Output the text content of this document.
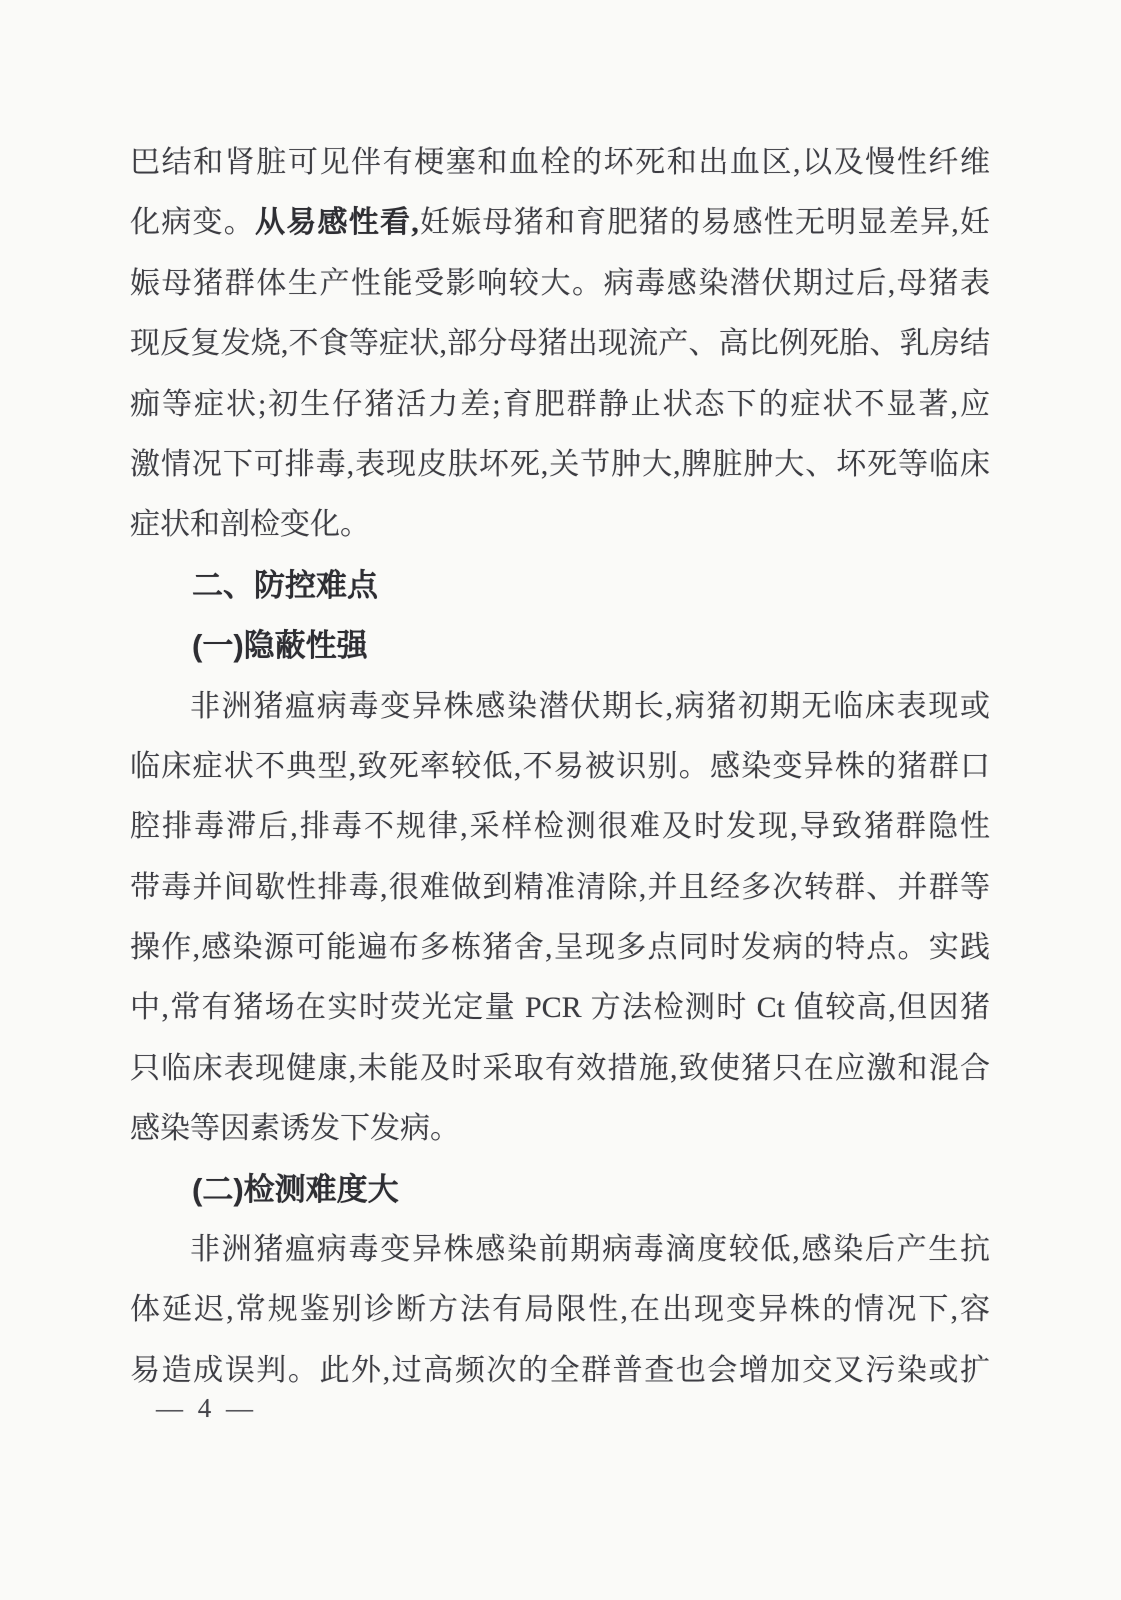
巴结和肾脏可见伴有梗塞和血栓的坏死和出血区,以及慢性纤维
化病变。从易感性看,妊娠母猪和育肥猪的易感性无明显差异,妊
娠母猪群体生产性能受影响较大。病毒感染潜伏期过后,母猪表
现反复发烧,不食等症状,部分母猪出现流产、高比例死胎、乳房结
痂等症状;初生仔猪活力差;育肥群静止状态下的症状不显著,应
激情况下可排毒,表现皮肤坏死,关节肿大,脾脏肿大、坏死等临床
症状和剖检变化。
二、防控难点
(一)隐蔽性强
非洲猪瘟病毒变异株感染潜伏期长,病猪初期无临床表现或
临床症状不典型,致死率较低,不易被识别。感染变异株的猪群口
腔排毒滞后,排毒不规律,采样检测很难及时发现,导致猪群隐性
带毒并间歇性排毒,很难做到精准清除,并且经多次转群、并群等
操作,感染源可能遍布多栋猪舍,呈现多点同时发病的特点。实践
中,常有猪场在实时荧光定量 PCR 方法检测时 Ct 值较高,但因猪
只临床表现健康,未能及时采取有效措施,致使猪只在应激和混合
感染等因素诱发下发病。
(二)检测难度大
非洲猪瘟病毒变异株感染前期病毒滴度较低,感染后产生抗
体延迟,常规鉴别诊断方法有局限性,在出现变异株的情况下,容
易造成误判。此外,过高频次的全群普查也会增加交叉污染或扩
— 4 —
